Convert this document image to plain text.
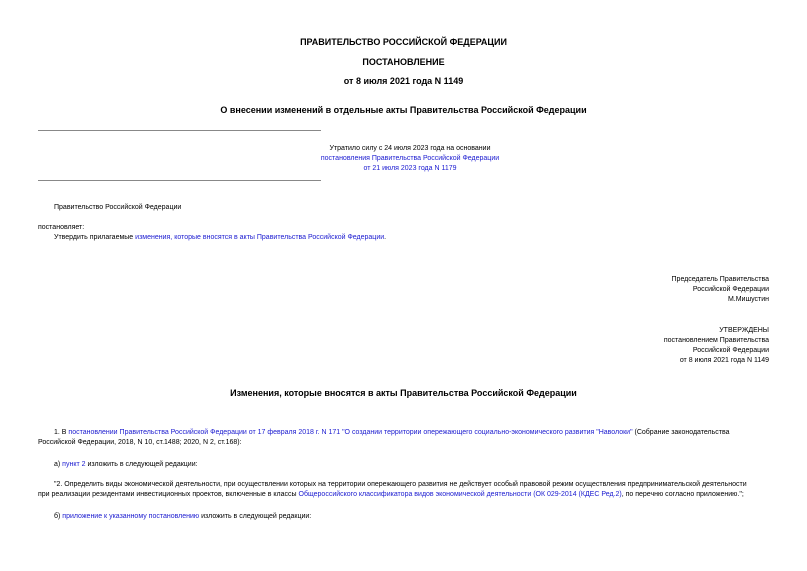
ПРАВИТЕЛЬСТВО РОССИЙСКОЙ ФЕДЕРАЦИИ
ПОСТАНОВЛЕНИЕ
от 8 июля 2021 года N 1149
О внесении изменений в отдельные акты Правительства Российской Федерации
Утратило силу с 24 июля 2023 года на основании
постановления Правительства Российской Федерации
от 21 июля 2023 года N 1179
Правительство Российской Федерации
постановляет:
Утвердить прилагаемые изменения, которые вносятся в акты Правительства Российской Федерации.
Председатель Правительства
Российской Федерации
М.Мишустин
УТВЕРЖДЕНЫ
постановлением Правительства
Российской Федерации
от 8 июля 2021 года N 1149
Изменения, которые вносятся в акты Правительства Российской Федерации
1. В постановлении Правительства Российской Федерации от 17 февраля 2018 г. N 171 "О создании территории опережающего социально-экономического развития "Наволоки" (Собрание законодательства
Российской Федерации, 2018, N 10, ст.1488; 2020, N 2, ст.168):
а) пункт 2 изложить в следующей редакции:
"2. Определить виды экономической деятельности, при осуществлении которых на территории опережающего развития не действует особый правовой режим осуществления предпринимательской деятельности
при реализации резидентами инвестиционных проектов, включенные в классы Общероссийского классификатора видов экономической деятельности (ОК 029-2014 (КДЕС Ред.2), по перечню согласно приложению.";
б) приложение к указанному постановлению изложить в следующей редакции:
